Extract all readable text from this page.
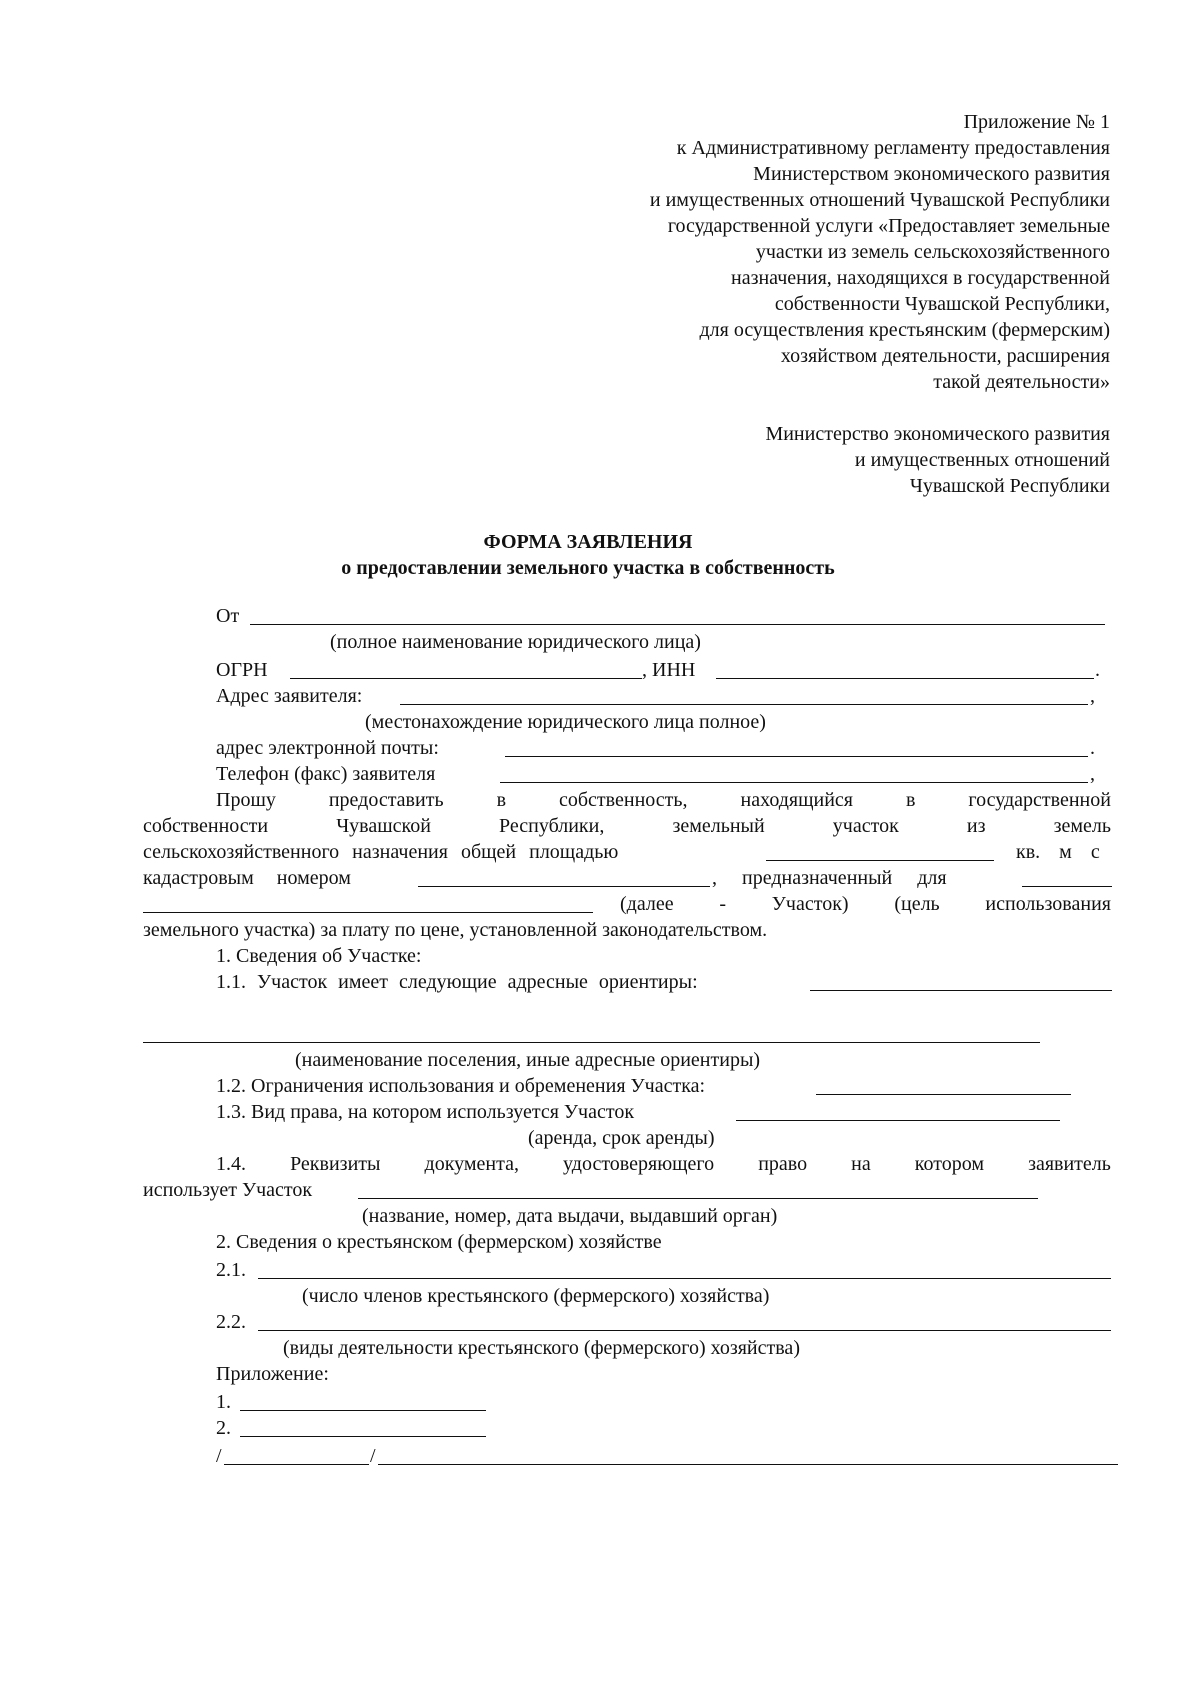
Приложение № 1
к Административному регламенту предоставления
Министерством экономического развития
и имущественных отношений Чувашской Республики
государственной услуги «Предоставляет земельные
участки из земель сельскохозяйственного
назначения, находящихся в государственной
собственности Чувашской Республики,
для осуществления крестьянским (фермерским)
хозяйством деятельности, расширения
такой деятельности»
Министерство экономического развития
и имущественных отношений
Чувашской Республики
ФОРМА ЗАЯВЛЕНИЯ
о предоставлении земельного участка в собственность
От
(полное наименование юридического лица)
ОГРН	, ИНН	.
Адрес заявителя:	,
(местонахождение юридического лица полное)
адрес электронной почты:	.
Телефон (факс) заявителя	,
Прошу	предоставить	в	собственность,	находящийся	в	государственной
собственности	Чувашской	Республики,	земельный	участок	из	земель
сельскохозяйственного назначения общей площадью	кв. м с
кадастровым номером	, предназначенный для
(далее - Участок) (цель использования
земельного участка) за плату по цене, установленной законодательством.
1. Сведения об Участке:
1.1. Участок имеет следующие адресные ориентиры:
(наименование поселения, иные адресные ориентиры)
1.2. Ограничения использования и обременения Участка:
1.3. Вид права, на котором используется Участок
(аренда, срок аренды)
1.4. Реквизиты документа, удостоверяющего право на котором заявитель
использует Участок
(название, номер, дата выдачи, выдавший орган)
2. Сведения о крестьянском (фермерском) хозяйстве
2.1.
(число членов крестьянского (фермерского) хозяйства)
2.2.
(виды деятельности крестьянского (фермерского) хозяйства)
Приложение:
1.
2.
/	/
